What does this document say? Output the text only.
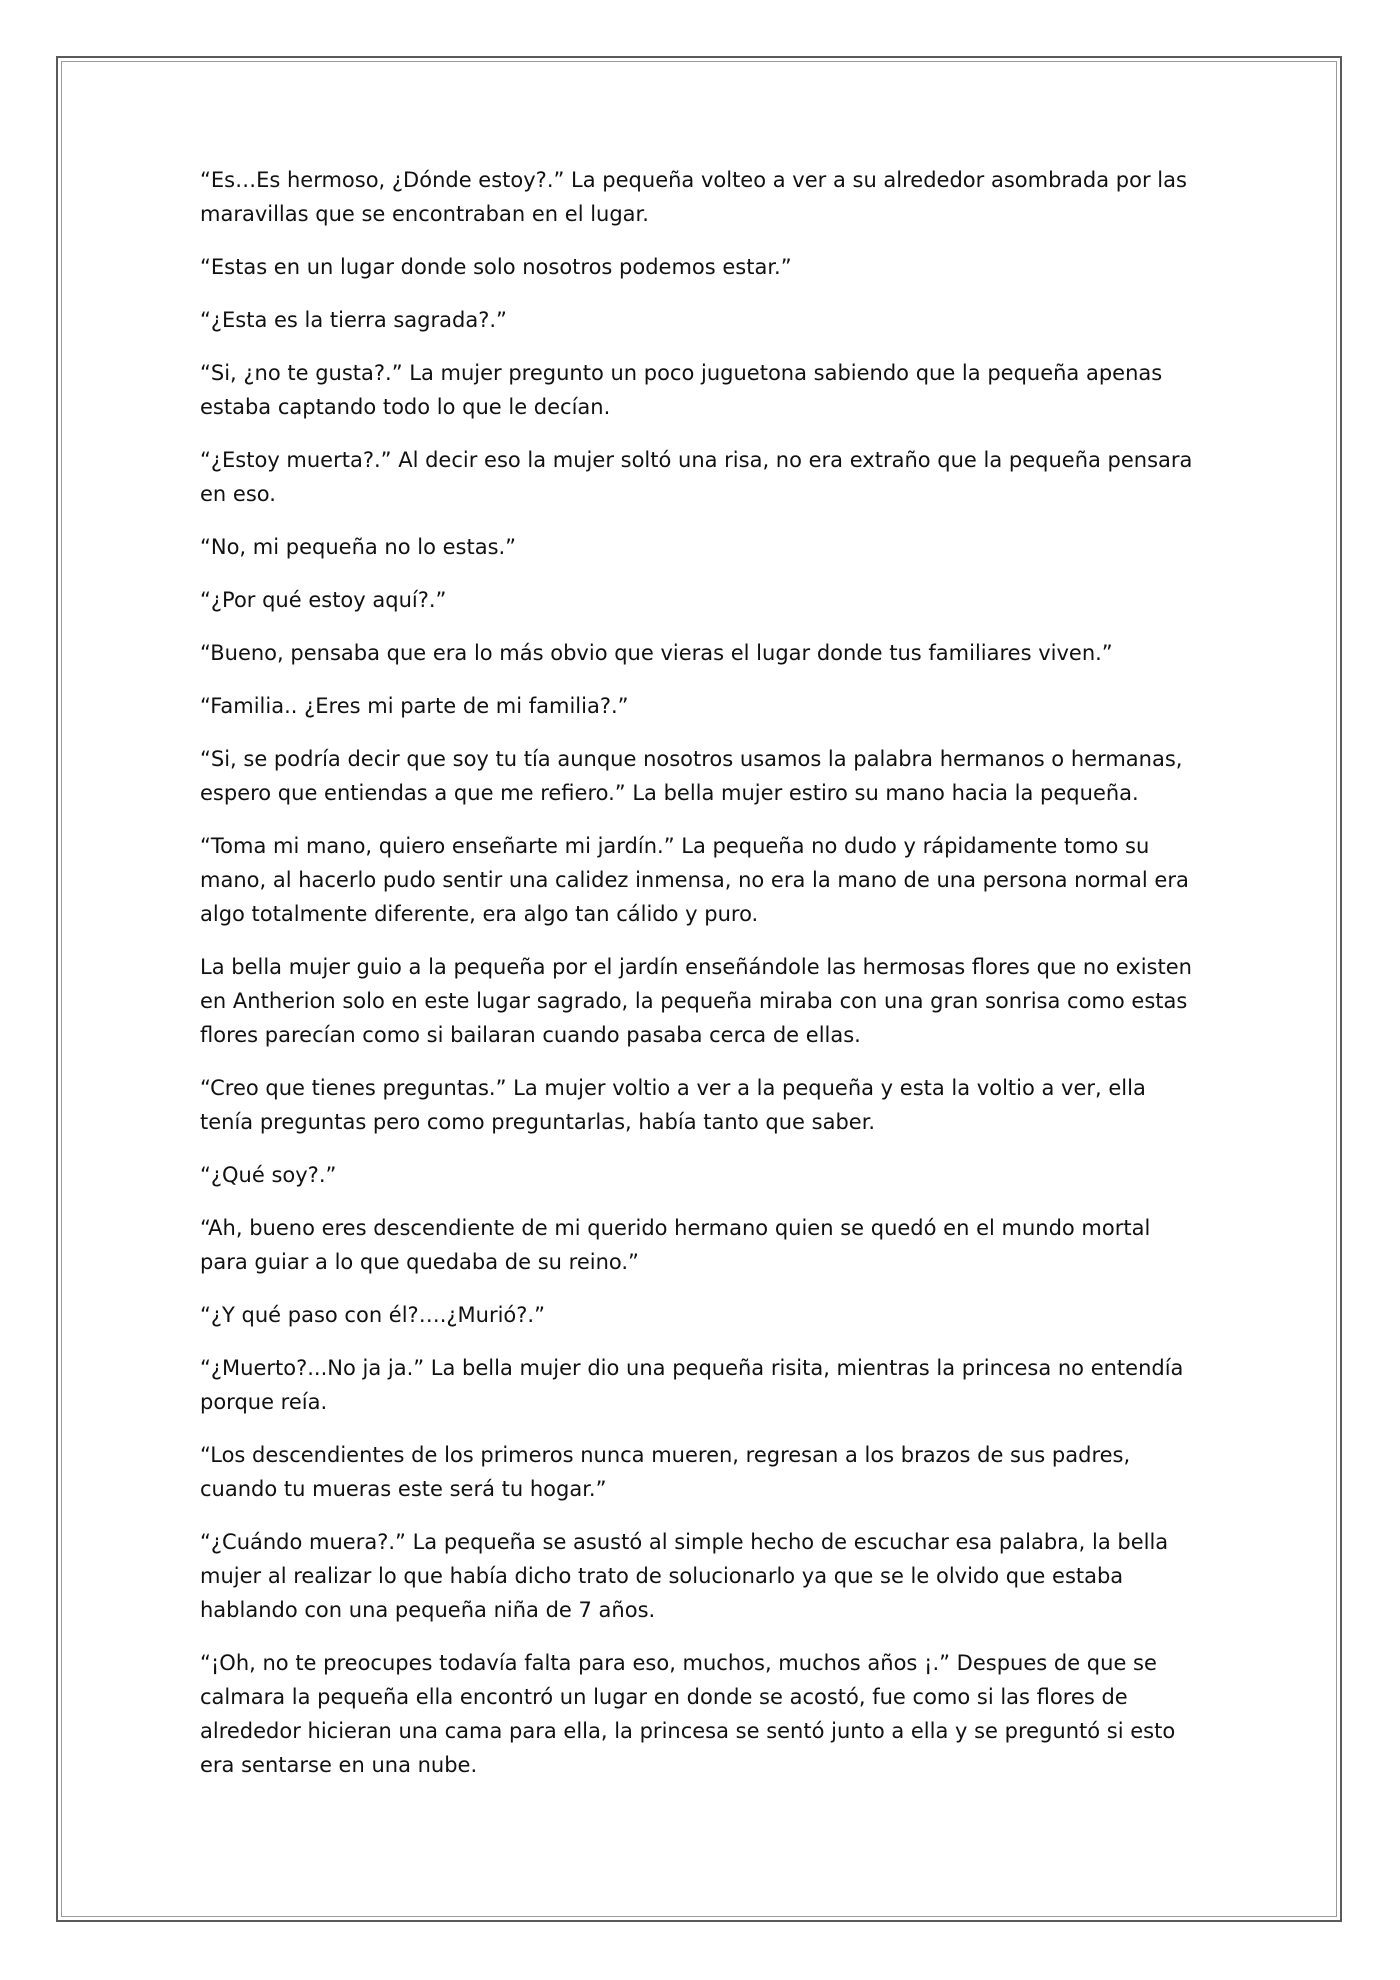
“Es…Es hermoso, ¿Dónde estoy?.” La pequeña volteo a ver a su alrededor asombrada por las maravillas que se encontraban en el lugar.

“Estas en un lugar donde solo nosotros podemos estar.”

“¿Esta es la tierra sagrada?.”

“Si, ¿no te gusta?.” La mujer pregunto un poco juguetona sabiendo que la pequeña apenas estaba captando todo lo que le decían.

“¿Estoy muerta?.” Al decir eso la mujer soltó una risa, no era extraño que la pequeña pensara en eso.

“No, mi pequeña no lo estas.”

“¿Por qué estoy aquí?.”

“Bueno, pensaba que era lo más obvio que vieras el lugar donde tus familiares viven.”

“Familia.. ¿Eres mi parte de mi familia?.”

“Si, se podría decir que soy tu tía aunque nosotros usamos la palabra hermanos o hermanas, espero que entiendas a que me refiero.” La bella mujer estiro su mano hacia la pequeña.

“Toma mi mano, quiero enseñarte mi jardín.” La pequeña no dudo y rápidamente tomo su mano, al hacerlo pudo sentir una calidez inmensa, no era la mano de una persona normal era algo totalmente diferente, era algo tan cálido y puro.

La bella mujer guio a la pequeña por el jardín enseñándole las hermosas flores que no existen en Antherion solo en este lugar sagrado, la pequeña miraba con una gran sonrisa como estas flores parecían como si bailaran cuando pasaba cerca de ellas.

“Creo que tienes preguntas.” La mujer voltio a ver a la pequeña y esta la voltio a ver, ella tenía preguntas pero como preguntarlas, había tanto que saber.

“¿Qué soy?.”

“Ah, bueno eres descendiente de mi querido hermano quien se quedó en el mundo mortal para guiar a lo que quedaba de su reino.”

“¿Y qué paso con él?….¿Murió?.”

“¿Muerto?...No ja ja.” La bella mujer dio una pequeña risita, mientras la princesa no entendía porque reía.

“Los descendientes de los primeros nunca mueren, regresan a los brazos de sus padres, cuando tu mueras este será tu hogar.”

“¿Cuándo muera?.” La pequeña se asustó al simple hecho de escuchar esa palabra, la bella mujer al realizar lo que había dicho trato de solucionarlo ya que se le olvido que estaba hablando con una pequeña niña de 7 años.

“¡Oh, no te preocupes todavía falta para eso, muchos, muchos años ¡.” Despues de que se calmara la pequeña ella encontró un lugar en donde se acostó, fue como si las flores de alrededor hicieran una cama para ella, la princesa se sentó junto a ella y se preguntó si esto era sentarse en una nube.
